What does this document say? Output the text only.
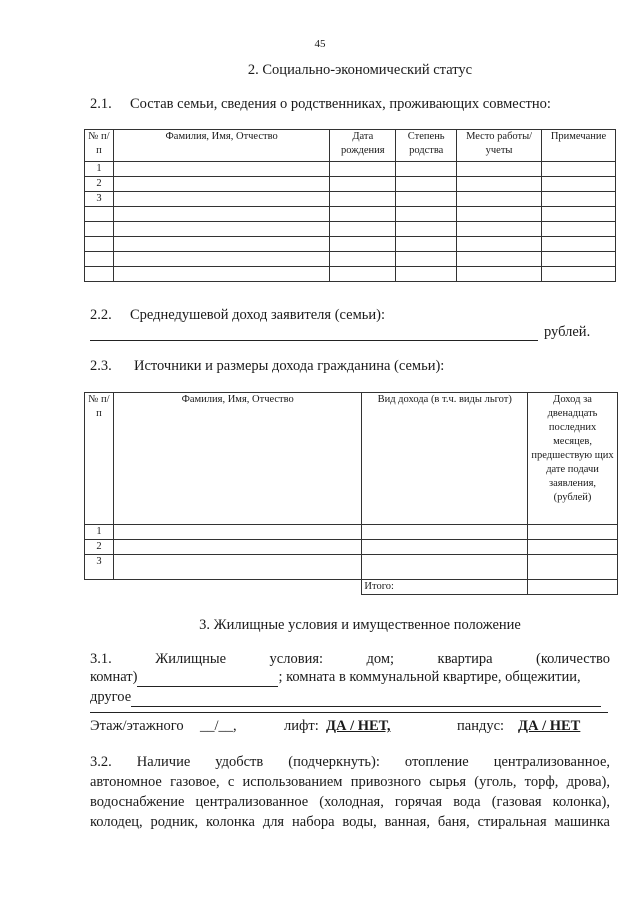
45
2. Социально-экономический статус
2.1. Состав семьи, сведения о родственниках, проживающих совместно:
№ п/п	Фамилия, Имя, Отчество	Дата рождения	Степень родства	Место работы/учеты	Примечание
1					
2					
3					

2.2. Среднедушевой доход заявителя (семьи):
рублей.
2.3. Источники и размеры дохода гражданина (семьи):
№ п/п	Фамилия, Имя, Отчество	Вид дохода (в т.ч. виды льгот)	Доход за двенадцать последних месяцев, предшествую щих дате подачи заявления, (рублей)
1			
2			
3			
		Итого:	
3. Жилищные условия и имущественное положение
3.1.	Жилищные	условия:	дом;	квартира	(количество
комнат)	; комната в коммунальной квартире, общежитии,
другое
Этаж/этажного __/__,	лифт: ДА / НЕТ,	пандус: ДА / НЕТ
3.2. Наличие удобств (подчеркнуть): отопление централизованное,
автономное газовое, с использованием привозного сырья (уголь, торф, дрова),
водоснабжение централизованное (холодная, горячая вода (газовая колонка),
колодец, родник, колонка для набора воды, ванная, баня, стиральная машинка
